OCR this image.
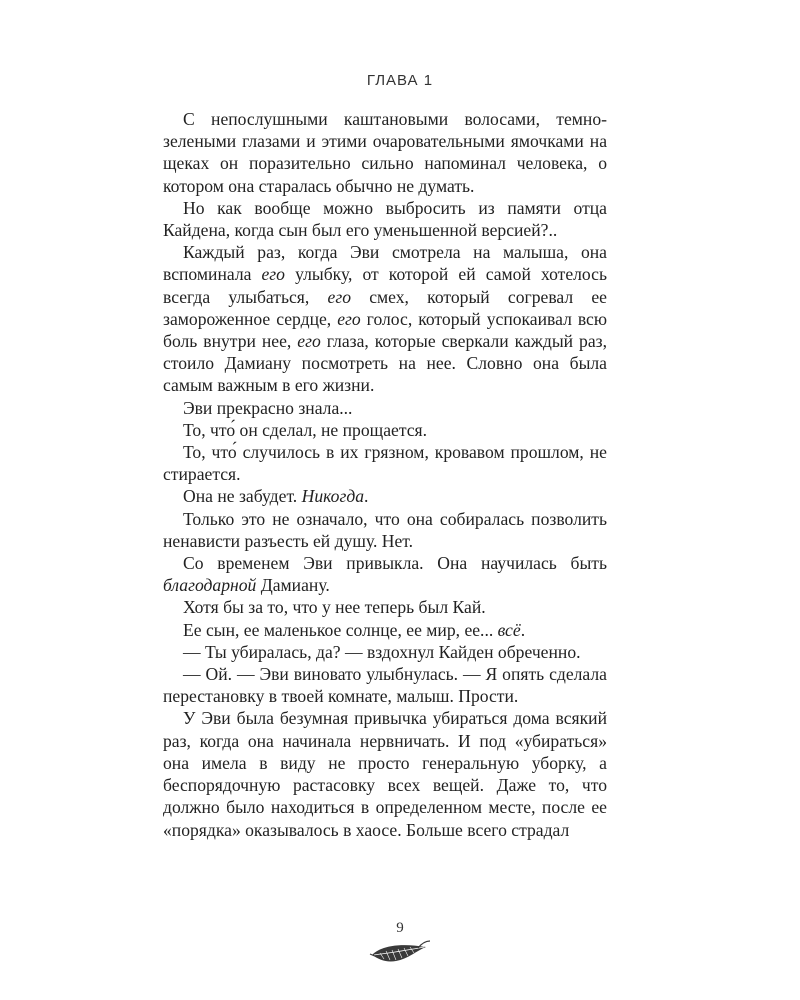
ГЛАВА 1

С непослушными каштановыми волосами, темно-зелеными глазами и этими очаровательными ямочками на щеках он поразительно сильно напоминал человека, о котором она старалась обычно не думать.

Но как вообще можно выбросить из памяти отца Кайдена, когда сын был его уменьшенной версией?..

Каждый раз, когда Эви смотрела на малыша, она вспоминала его улыбку, от которой ей самой хотелось всегда улыбаться, его смех, который согревал ее замороженное сердце, его голос, который успокаивал всю боль внутри нее, его глаза, которые сверкали каждый раз, стоило Дамиану посмотреть на нее. Словно она была самым важным в его жизни.

Эви прекрасно знала...

То, что́ он сделал, не прощается.

То, что́ случилось в их грязном, кровавом прошлом, не стирается.

Она не забудет. Никогда.

Только это не означало, что она собиралась позволить ненависти разъесть ей душу. Нет.

Со временем Эви привыкла. Она научилась быть благодарной Дамиану.

Хотя бы за то, что у нее теперь был Кай.

Ее сын, ее маленькое солнце, ее мир, ее... всё.

— Ты убиралась, да? — вздохнул Кайден обреченно.

— Ой. — Эви виновато улыбнулась. — Я опять сделала перестановку в твоей комнате, малыш. Прости.

У Эви была безумная привычка убираться дома всякий раз, когда она начинала нервничать. И под «убираться» она имела в виду не просто генеральную уборку, а беспорядочную растасовку всех вещей. Даже то, что должно было находиться в определенном месте, после ее «порядка» оказывалось в хаосе. Больше всего страдал

9
